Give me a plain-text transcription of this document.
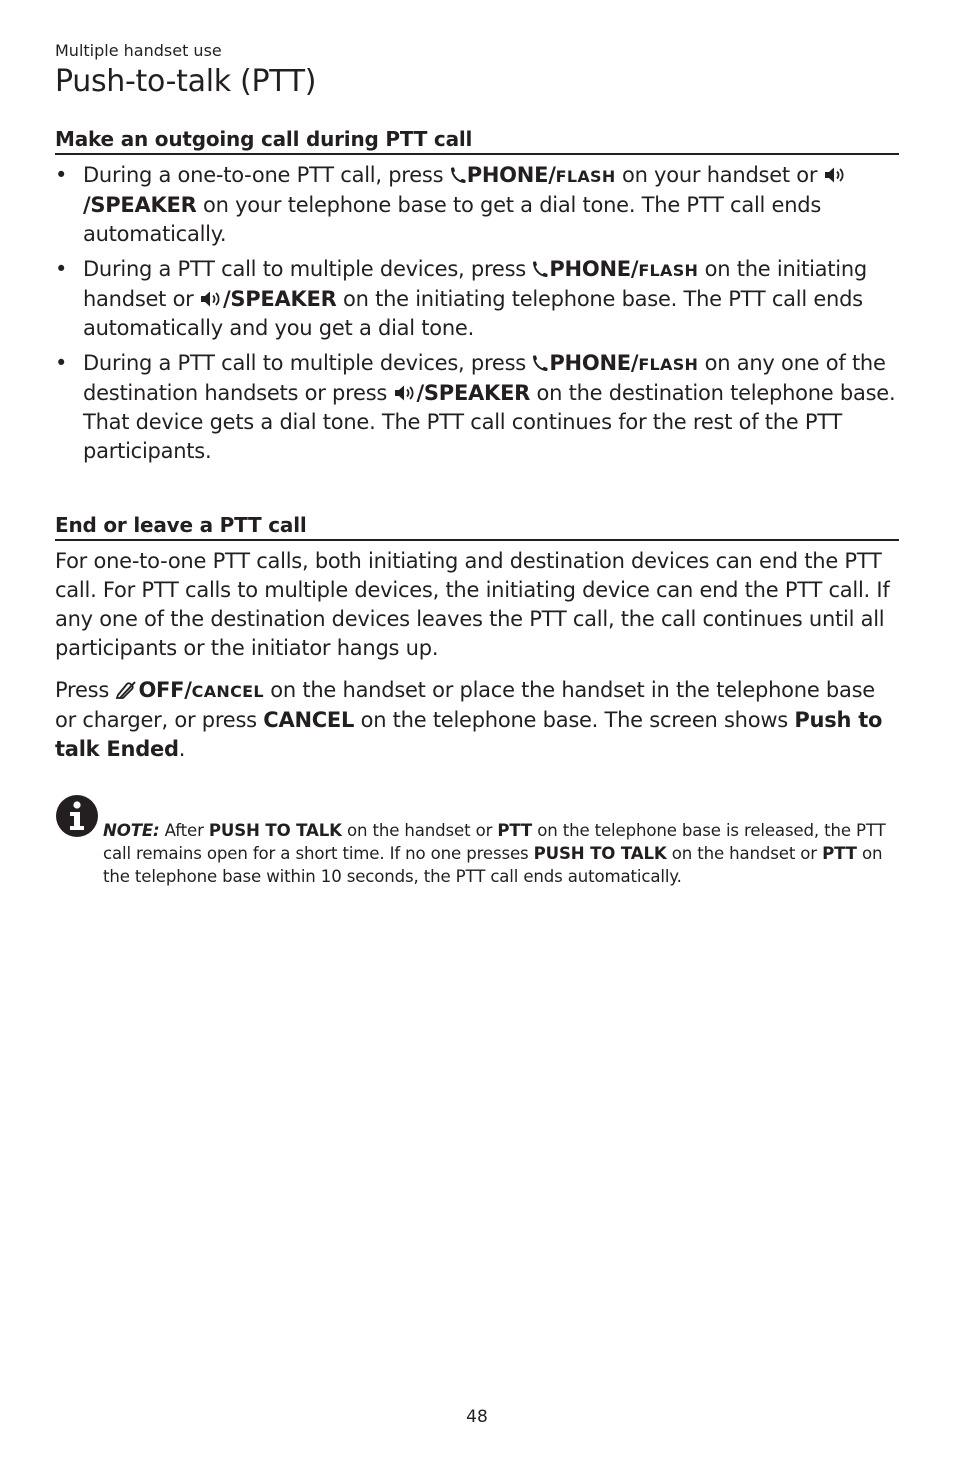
Multiple handset use

Push-to-talk (PTT)
Make an outgoing call during PTT call
• During a one-to-one PTT call, press PHONE/FLASH on your handset or /SPEAKER on your telephone base to get a dial tone. The PTT call ends automatically.
• During a PTT call to multiple devices, press PHONE/FLASH on the initiating handset or /SPEAKER on the initiating telephone base. The PTT call ends automatically and you get a dial tone.
• During a PTT call to multiple devices, press PHONE/FLASH on any one of the destination handsets or press /SPEAKER on the destination telephone base. That device gets a dial tone. The PTT call continues for the rest of the PTT participants.
End or leave a PTT call

For one-to-one PTT calls, both initiating and destination devices can end the PTT call. For PTT calls to multiple devices, the initiating device can end the PTT call. If any one of the destination devices leaves the PTT call, the call continues until all participants or the initiator hangs up.

Press OFF/CANCEL on the handset or place the handset in the telephone base or charger, or press CANCEL on the telephone base. The screen shows Push to talk Ended.

NOTE: After PUSH TO TALK on the handset or PTT on the telephone base is released, the PTT call remains open for a short time. If no one presses PUSH TO TALK on the handset or PTT on the telephone base within 10 seconds, the PTT call ends automatically.
48
